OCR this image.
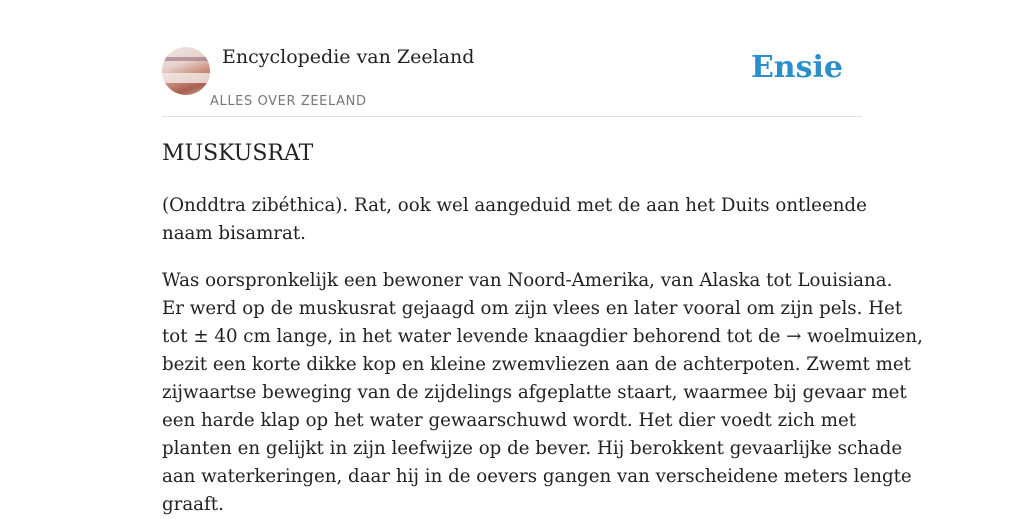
Encyclopedie van Zeeland
ALLES OVER ZEELAND
Ensie
MUSKUSRAT
(Onddtra zibéthica). Rat, ook wel aangeduid met de aan het Duits ontleende
naam bisamrat.
Was oorspronkelijk een bewoner van Noord-Amerika, van Alaska tot Louisiana.
Er werd op de muskusrat gejaagd om zijn vlees en later vooral om zijn pels. Het
tot ± 40 cm lange, in het water levende knaagdier behorend tot de → woelmuizen,
bezit een korte dikke kop en kleine zwemvliezen aan de achterpoten. Zwemt met
zijwaartse beweging van de zijdelings afgeplatte staart, waarmee bij gevaar met
een harde klap op het water gewaarschuwd wordt. Het dier voedt zich met
planten en gelijkt in zijn leefwijze op de bever. Hij berokkent gevaarlijke schade
aan waterkeringen, daar hij in de oevers gangen van verscheidene meters lengte
graaft.
